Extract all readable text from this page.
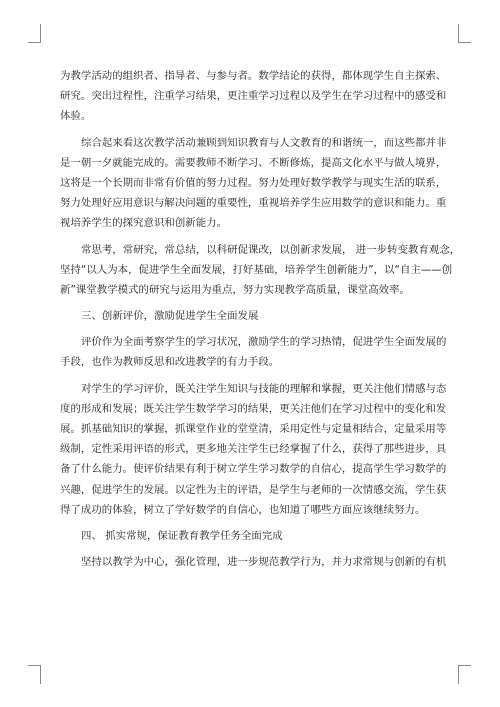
为教学活动的组织者、指导者、与参与者。数学结论的获得，都体现学生自主探索、
研究。突出过程性，注重学习结果，更注重学习过程以及学生在学习过程中的感受和
体验。
综合起来看这次教学活动兼顾到知识教育与人文教育的和谐统一，而这些都并非
是一朝一夕就能完成的。需要教师不断学习、不断修炼，提高文化水平与做人境界，
这将是一个长期而非常有价值的努力过程。努力处理好数学教学与现实生活的联系，
努力处理好应用意识与解决问题的重要性，重视培养学生应用数学的意识和能力。重
视培养学生的探究意识和创新能力。
常思考，常研究，常总结，以科研促课改，以创新求发展， 进一步转变教育观念，
坚持“以人为本，促进学生全面发展，打好基础，培养学生创新能力”，以“自主——创
新”课堂教学模式的研究与运用为重点，努力实现教学高质量，课堂高效率。
三、创新评价，激励促进学生全面发展
评价作为全面考察学生的学习状况，激励学生的学习热情，促进学生全面发展的
手段，也作为教师反思和改进教学的有力手段。
对学生的学习评价，既关注学生知识与技能的理解和掌握，更关注他们情感与态
度的形成和发展；既关注学生数学学习的结果，更关注他们在学习过程中的变化和发
展。抓基础知识的掌握，抓课堂作业的堂堂清，采用定性与定量相结合，定量采用等
级制，定性采用评语的形式，更多地关注学生已经掌握了什么，获得了那些进步，具
备了什么能力。使评价结果有利于树立学生学习数学的自信心，提高学生学习数学的
兴趣，促进学生的发展。以定性为主的评语，是学生与老师的一次情感交流，学生获
得了成功的体验，树立了学好数学的自信心，也知道了哪些方面应该继续努力。
四、 抓实常规，保证教育教学任务全面完成
坚持以教学为中心，强化管理，进一步规范教学行为，并力求常规与创新的有机
